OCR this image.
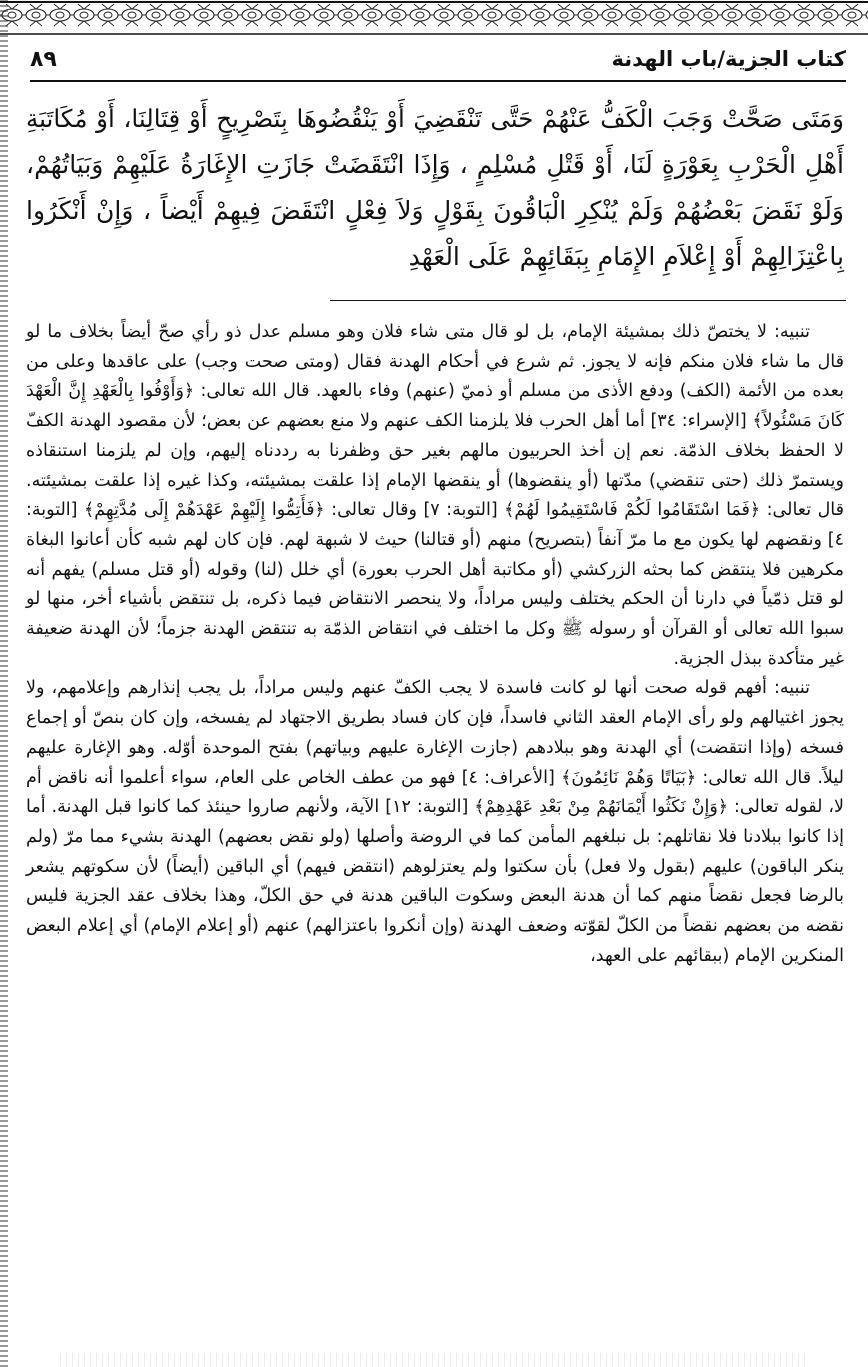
كتاب الجزية/باب الهدنة
٨٩
وَمَتَى صَحَّتْ وَجَبَ الْكَفُّ عَنْهُمْ حَتَّى تَنْقَضِيَ أَوْ يَنْقُضُوهَا بِتَصْرِيحٍ أَوْ قِتَالِنَا، أَوْ مُكَاتَبَةِ
أَهْلِ الْحَرْبِ بِعَوْرَةٍ لَنَا، أَوْ قَتْلِ مُسْلِمٍ ، وَإِذَا انْتَقَضَتْ جَازَتِ الإِغَارَةُ عَلَيْهِمْ وَبَيَاتُهُمْ،
وَلَوْ نَقَضَ بَعْضُهُمْ وَلَمْ يُنْكِرِ الْبَاقُونَ بِقَوْلٍ وَلاَ فِعْلٍ انْتَقَضَ فِيهِمْ أَيْضاً ، وَإِنْ أَنْكَرُوا
بِاعْتِزَالِهِمْ أَوْ إِعْلاَمِ الإِمَامِ بِبَقَائِهِمْ عَلَى الْعَهْدِ

تنبيه: لا يختصّ ذلك بمشيئة الإمام، بل لو قال متى شاء فلان وهو مسلم عدل ذو رأي صحّ أيضاً بخلاف ما لو قال ما شاء فلان منكم فإنه لا يجوز. ثم شرع في أحكام الهدنة فقال (ومتى صحت وجب) على عاقدها وعلى من بعده من الأئمة (الكف) ودفع الأذى من مسلم أو ذميّ (عنهم) وفاء بالعهد. قال الله تعالى: ﴿وَأَوْفُوا بِالْعَهْدِ إِنَّ الْعَهْدَ كَانَ مَسْئُولاً﴾ [الإسراء: ٣٤] أما أهل الحرب فلا يلزمنا الكف عنهم ولا منع بعضهم عن بعض؛ لأن مقصود الهدنة الكفّ لا الحفظ بخلاف الذمّة. نعم إن أخذ الحربيون مالهم بغير حق وظفرنا به رددناه إليهم، وإن لم يلزمنا استنقاذه ويستمرّ ذلك (حتى تنقضي) مدّتها (أو ينقضوها) أو ينقضها الإمام إذا علقت بمشيئته، وكذا غيره إذا علقت بمشيئته. قال تعالى: ﴿فَمَا اسْتَقَامُوا لَكُمْ فَاسْتَقِيمُوا لَهُمْ﴾ [التوبة: ٧] وقال تعالى: ﴿فَأَتِمُّوا إِلَيْهِمْ عَهْدَهُمْ إِلَى مُدَّتِهِمْ﴾ [التوبة: ٤] ونقضهم لها يكون مع ما مرّ آنفاً (بتصريح) منهم (أو قتالنا) حيث لا شبهة لهم. فإن كان لهم شبه كأن أعانوا البغاة مكرهين فلا ينتقض كما بحثه الزركشي (أو مكاتبة أهل الحرب بعورة) أي خلل (لنا) وقوله (أو قتل مسلم) يفهم أنه لو قتل ذمّياً في دارنا أن الحكم يختلف وليس مراداً، ولا ينحصر الانتقاض فيما ذكره، بل تنتقض بأشياء أخر، منها لو سبوا الله تعالى أو القرآن أو رسوله ﷺ وكل ما اختلف في انتقاض الذمّة به تنتقض الهدنة جزماً؛ لأن الهدنة ضعيفة غير متأكدة ببذل الجزية.

تنبيه: أفهم قوله صحت أنها لو كانت فاسدة لا يجب الكفّ عنهم وليس مراداً، بل يجب إنذارهم وإعلامهم، ولا يجوز اغتيالهم ولو رأى الإمام العقد الثاني فاسداً، فإن كان فساد بطريق الاجتهاد لم يفسخه، وإن كان بنصّ أو إجماع فسخه (وإذا انتقضت) أي الهدنة وهو ببلادهم (جازت الإغارة عليهم وبياتهم) بفتح الموحدة أوّله. وهو الإغارة عليهم ليلاً. قال الله تعالى: ﴿بَيَاتًا وَهُمْ نَائِمُونَ﴾ [الأعراف: ٤] فهو من عطف الخاص على العام، سواء أعلموا أنه ناقض أم لا، لقوله تعالى: ﴿وَإِنْ نَكَثُوا أَيْمَانَهُمْ مِنْ بَعْدِ عَهْدِهِمْ﴾ [التوبة: ١٢] الآية، ولأنهم صاروا حينئذ كما كانوا قبل الهدنة. أما إذا كانوا ببلادنا فلا نقاتلهم: بل نبلغهم المأمن كما في الروضة وأصلها (ولو نقض بعضهم) الهدنة بشيء مما مرّ (ولم ينكر الباقون) عليهم (بقول ولا فعل) بأن سكتوا ولم يعتزلوهم (انتقض فيهم) أي الباقين (أيضاً) لأن سكوتهم يشعر بالرضا فجعل نقضاً منهم كما أن هدنة البعض وسكوت الباقين هدنة في حق الكلّ، وهذا بخلاف عقد الجزية فليس نقضه من بعضهم نقضاً من الكلّ لقوّته وضعف الهدنة (وإن أنكروا باعتزالهم) عنهم (أو إعلام الإمام) أي إعلام البعض المنكرين الإمام (ببقائهم على العهد،
